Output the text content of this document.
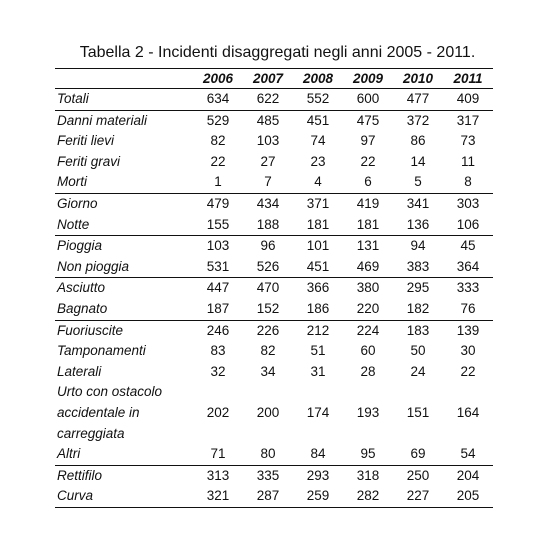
Tabella 2 - Incidenti disaggregati negli anni 2005 - 2011.
	2006	2007	2008	2009	2010	2011
Totali	634	622	552	600	477	409
Danni materiali	529	485	451	475	372	317
Feriti lievi	82	103	74	97	86	73
Feriti gravi	22	27	23	22	14	11
Morti	1	7	4	6	5	8
Giorno	479	434	371	419	341	303
Notte	155	188	181	181	136	106
Pioggia	103	96	101	131	94	45
Non pioggia	531	526	451	469	383	364
Asciutto	447	470	366	380	295	333
Bagnato	187	152	186	220	182	76
Fuoriuscite	246	226	212	224	183	139
Tamponamenti	83	82	51	60	50	30
Laterali	32	34	31	28	24	22
Urto con ostacolo accidentale in carreggiata	202	200	174	193	151	164
Altri	71	80	84	95	69	54
Rettifilo	313	335	293	318	250	204
Curva	321	287	259	282	227	205
